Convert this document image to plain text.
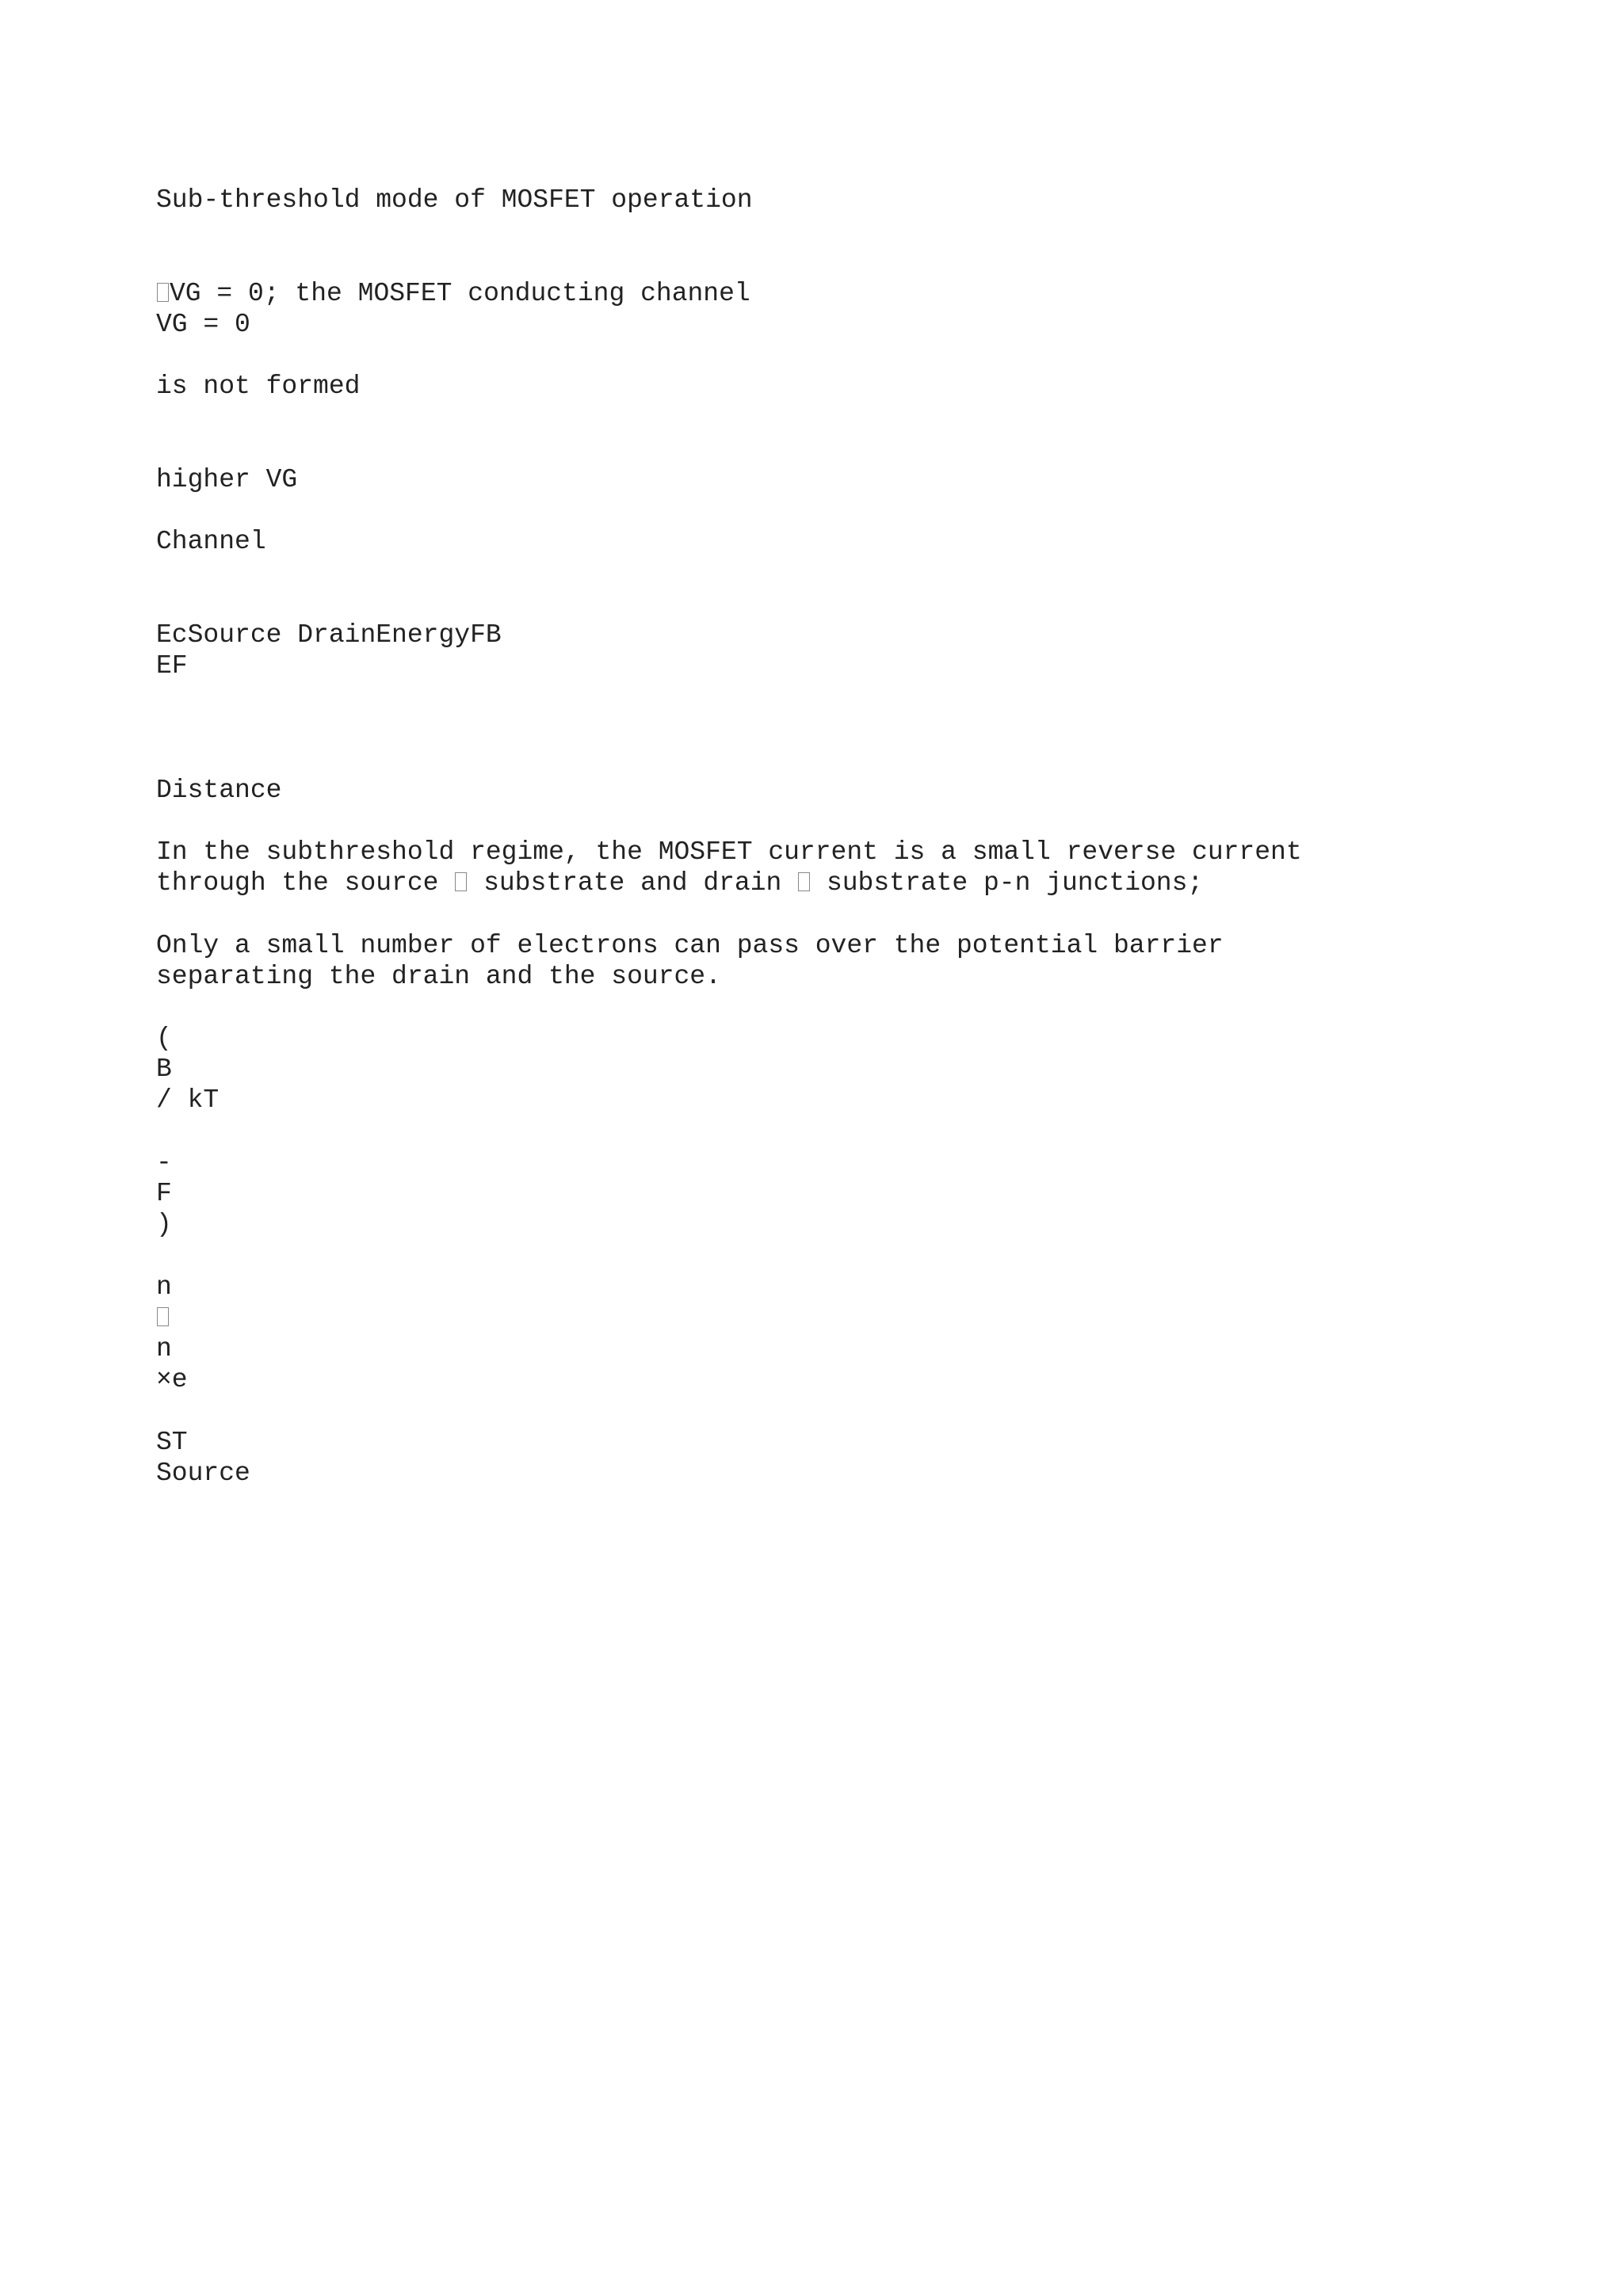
Sub-threshold mode of MOSFET operation
VG = 0; the MOSFET conducting channel
VG = 0
is not formed
higher VG
Channel
EcSource DrainEnergyFB
EF
Distance
In the subthreshold regime, the MOSFET current is a small reverse current
through the source  substrate and drain  substrate p-n junctions;
Only a small number of electrons can pass over the potential barrier
separating the drain and the source.
(
B
/ kT
-
F
)
n
n
×e
ST
Source
